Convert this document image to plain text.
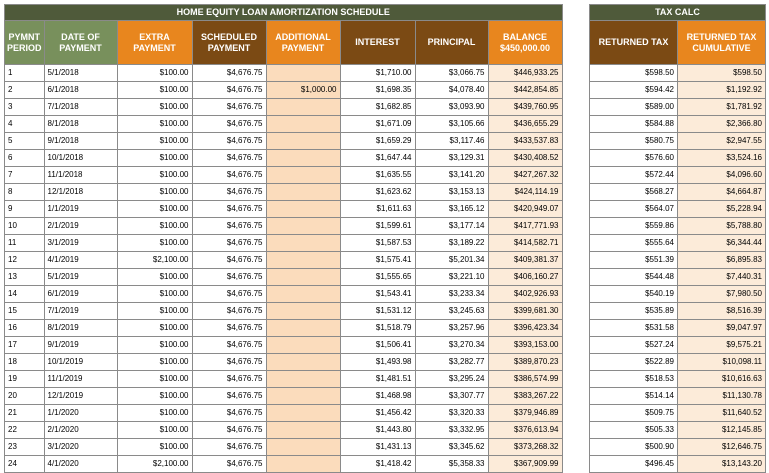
HOME EQUITY LOAN AMORTIZATION SCHEDULE							
PYMNT PERIOD	DATE OF PAYMENT	EXTRA PAYMENT	SCHEDULED PAYMENT	ADDITIONAL PAYMENT	INTEREST	PRINCIPAL	BALANCE
$450,000.00

1	5/1/2018	$100.00	$4,676.75		$1,710.00	$3,066.75	$446,933.25
2	6/1/2018	$100.00	$4,676.75	$1,000.00	$1,698.35	$4,078.40	$442,854.85
3	7/1/2018	$100.00	$4,676.75		$1,682.85	$3,093.90	$439,760.95
4	8/1/2018	$100.00	$4,676.75		$1,671.09	$3,105.66	$436,655.29
5	9/1/2018	$100.00	$4,676.75		$1,659.29	$3,117.46	$433,537.83
6	10/1/2018	$100.00	$4,676.75		$1,647.44	$3,129.31	$430,408.52
7	11/1/2018	$100.00	$4,676.75		$1,635.55	$3,141.20	$427,267.32
8	12/1/2018	$100.00	$4,676.75		$1,623.62	$3,153.13	$424,114.19
9	1/1/2019	$100.00	$4,676.75		$1,611.63	$3,165.12	$420,949.07
10	2/1/2019	$100.00	$4,676.75		$1,599.61	$3,177.14	$417,771.93
11	3/1/2019	$100.00	$4,676.75		$1,587.53	$3,189.22	$414,582.71
12	4/1/2019	$2,100.00	$4,676.75		$1,575.41	$5,201.34	$409,381.37
13	5/1/2019	$100.00	$4,676.75		$1,555.65	$3,221.10	$406,160.27
14	6/1/2019	$100.00	$4,676.75		$1,543.41	$3,233.34	$402,926.93
15	7/1/2019	$100.00	$4,676.75		$1,531.12	$3,245.63	$399,681.30
16	8/1/2019	$100.00	$4,676.75		$1,518.79	$3,257.96	$396,423.34
17	9/1/2019	$100.00	$4,676.75		$1,506.41	$3,270.34	$393,153.00
18	10/1/2019	$100.00	$4,676.75		$1,493.98	$3,282.77	$389,870.23
19	11/1/2019	$100.00	$4,676.75		$1,481.51	$3,295.24	$386,574.99
20	12/1/2019	$100.00	$4,676.75		$1,468.98	$3,307.77	$383,267.22
21	1/1/2020	$100.00	$4,676.75		$1,456.42	$3,320.33	$379,946.89
22	2/1/2020	$100.00	$4,676.75		$1,443.80	$3,332.95	$376,613.94
23	3/1/2020	$100.00	$4,676.75		$1,431.13	$3,345.62	$373,268.32
24	4/1/2020	$2,100.00	$4,676.75		$1,418.42	$5,358.33	$367,909.99
TAX CALC	
RETURNED TAX	RETURNED TAX CUMULATIVE
$598.50	$598.50
$594.42	$1,192.92
$589.00	$1,781.92
$584.88	$2,366.80
$580.75	$2,947.55
$576.60	$3,524.16
$572.44	$4,096.60
$568.27	$4,664.87
$564.07	$5,228.94
$559.86	$5,788.80
$555.64	$6,344.44
$551.39	$6,895.83
$544.48	$7,440.31
$540.19	$7,980.50
$535.89	$8,516.39
$531.58	$9,047.97
$527.24	$9,575.21
$522.89	$10,098.11
$518.53	$10,616.63
$514.14	$11,130.78
$509.75	$11,640.52
$505.33	$12,145.85
$500.90	$12,646.75
$496.45	$13,143.20
